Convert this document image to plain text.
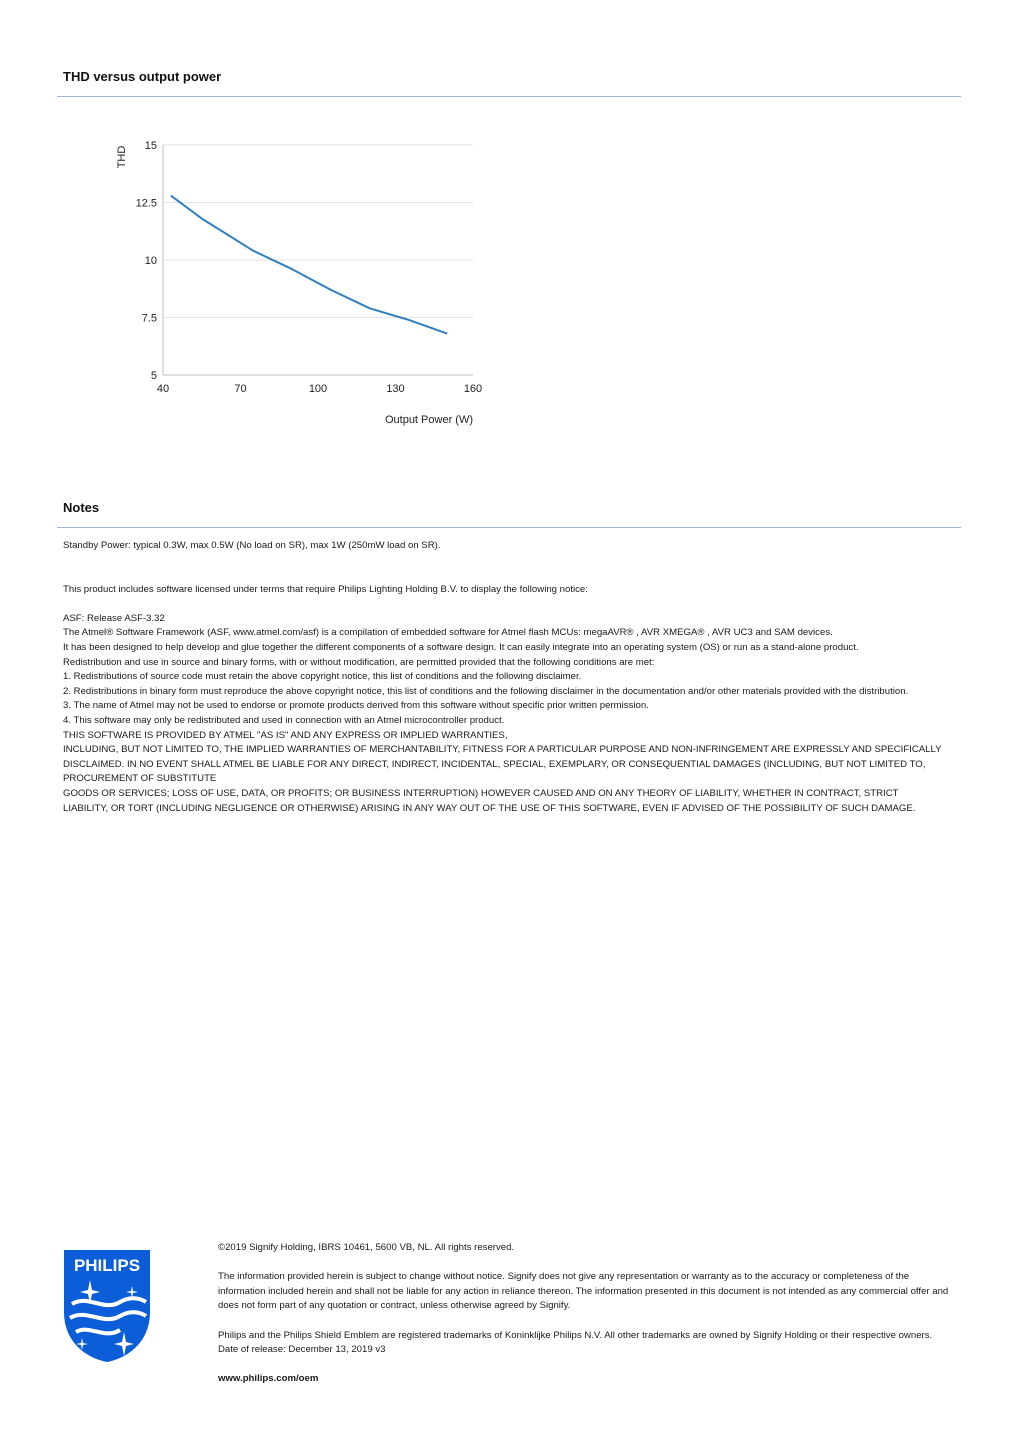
THD versus output power
15
12.5
10
7.5
5
40	70	100	130	160
THD
Output Power (W)
Notes

Standby Power: typical 0.3W, max 0.5W (No load on SR), max 1W (250mW load on SR).

This product includes software licensed under terms that require Philips Lighting Holding B.V. to display the following notice:

ASF: Release ASF-3.32

The Atmel® Software Framework (ASF, www.atmel.com/asf) is a compilation of embedded software for Atmel flash MCUs: megaAVR® , AVR XMEGA® , AVR UC3 and SAM devices.

It has been designed to help develop and glue together the different components of a software design. It can easily integrate into an operating system (OS) or run as a stand-alone product.

Redistribution and use in source and binary forms, with or without modification, are permitted provided that the following conditions are met:

1. Redistributions of source code must retain the above copyright notice, this list of conditions and the following disclaimer.

2. Redistributions in binary form must reproduce the above copyright notice, this list of conditions and the following disclaimer in the documentation and/or other materials provided with the distribution.

3. The name of Atmel may not be used to endorse or promote products derived from this software without specific prior written permission.

4. This software may only be redistributed and used in connection with an Atmel microcontroller product.

THIS SOFTWARE IS PROVIDED BY ATMEL "AS IS" AND ANY EXPRESS OR IMPLIED WARRANTIES,

INCLUDING, BUT NOT LIMITED TO, THE IMPLIED WARRANTIES OF MERCHANTABILITY, FITNESS FOR A PARTICULAR PURPOSE AND NON-INFRINGEMENT ARE EXPRESSLY AND SPECIFICALLY DISCLAIMED. IN NO EVENT SHALL ATMEL BE LIABLE FOR ANY DIRECT, INDIRECT, INCIDENTAL, SPECIAL, EXEMPLARY, OR CONSEQUENTIAL DAMAGES (INCLUDING, BUT NOT LIMITED TO, PROCUREMENT OF SUBSTITUTE

GOODS OR SERVICES; LOSS OF USE, DATA, OR PROFITS; OR BUSINESS INTERRUPTION) HOWEVER CAUSED AND ON ANY THEORY OF LIABILITY, WHETHER IN CONTRACT, STRICT LIABILITY, OR TORT (INCLUDING NEGLIGENCE OR OTHERWISE) ARISING IN ANY WAY OUT OF THE USE OF THIS SOFTWARE, EVEN IF ADVISED OF THE POSSIBILITY OF SUCH DAMAGE.

PHILIPS

©2019 Signify Holding, IBRS 10461, 5600 VB, NL. All rights reserved.

The information provided herein is subject to change without notice. Signify does not give any representation or warranty as to the accuracy or completeness of the information included herein and shall not be liable for any action in reliance thereon. The information presented in this document is not intended as any commercial offer and does not form part of any quotation or contract, unless otherwise agreed by Signify.

Philips and the Philips Shield Emblem are registered trademarks of Koninklijke Philips N.V. All other trademarks are owned by Signify Holding or their respective owners.

Date of release: December 13, 2019 v3

www.philips.com/oem
